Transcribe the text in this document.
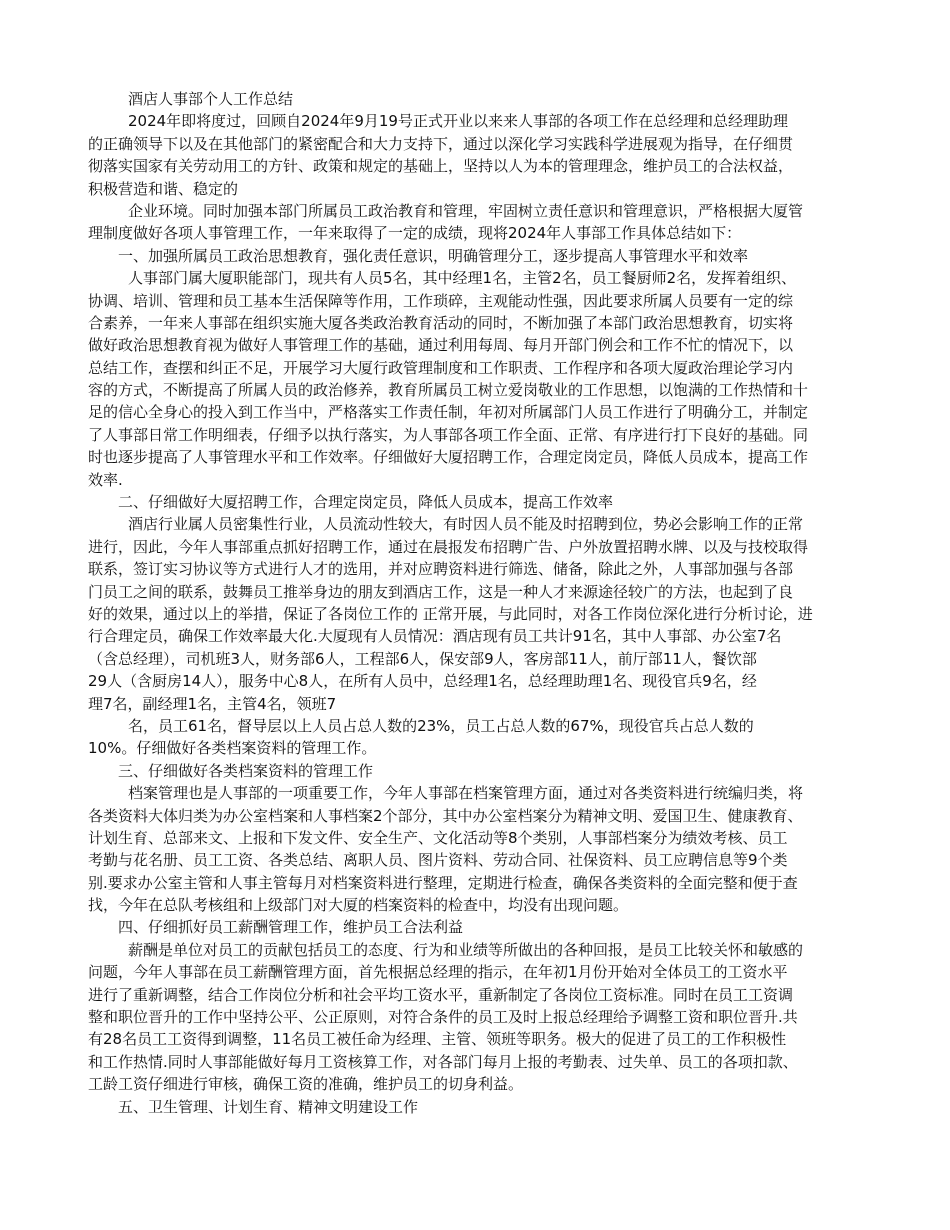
酒店人事部个人工作总结
2024年即将度过，回顾自2024年9月19号正式开业以来来人事部的各项工作在总经理和总经理助理
的正确领导下以及在其他部门的紧密配合和大力支持下，通过以深化学习实践科学进展观为指导，在仔细贯
彻落实国家有关劳动用工的方针、政策和规定的基础上，坚持以人为本的管理理念，维护员工的合法权益，
积极营造和谐、稳定的
企业环境。同时加强本部门所属员工政治教育和管理，牢固树立责任意识和管理意识，严格根据大厦管
理制度做好各项人事管理工作，一年来取得了一定的成绩，现将2024年人事部工作具体总结如下：
一、加强所属员工政治思想教育，强化责任意识，明确管理分工，逐步提高人事管理水平和效率
人事部门属大厦职能部门，现共有人员5名，其中经理1名，主管2名，员工餐厨师2名，发挥着组织、
协调、培训、管理和员工基本生活保障等作用，工作琐碎，主观能动性强，因此要求所属人员要有一定的综
合素养，一年来人事部在组织实施大厦各类政治教育活动的同时，不断加强了本部门政治思想教育，切实将
做好政治思想教育视为做好人事管理工作的基础，通过利用每周、每月开部门例会和工作不忙的情况下，以
总结工作，查摆和纠正不足，开展学习大厦行政管理制度和工作职责、工作程序和各项大厦政治理论学习内
容的方式，不断提高了所属人员的政治修养，教育所属员工树立爱岗敬业的工作思想，以饱满的工作热情和十
足的信心全身心的投入到工作当中，严格落实工作责任制，年初对所属部门人员工作进行了明确分工，并制定
了人事部日常工作明细表，仔细予以执行落实，为人事部各项工作全面、正常、有序进行打下良好的基础。同
时也逐步提高了人事管理水平和工作效率。仔细做好大厦招聘工作，合理定岗定员，降低人员成本，提高工作
效率.
二、仔细做好大厦招聘工作，合理定岗定员，降低人员成本，提高工作效率
酒店行业属人员密集性行业，人员流动性较大，有时因人员不能及时招聘到位，势必会影响工作的正常
进行，因此，今年人事部重点抓好招聘工作，通过在晨报发布招聘广告、户外放置招聘水牌、以及与技校取得
联系，签订实习协议等方式进行人才的选用，并对应聘资料进行筛选、储备，除此之外，人事部加强与各部
门员工之间的联系，鼓舞员工推举身边的朋友到酒店工作，这是一种人才来源途径较广的方法，也起到了良
好的效果，通过以上的举措，保证了各岗位工作的 正常开展，与此同时，对各工作岗位深化进行分析讨论，进
行合理定员，确保工作效率最大化.大厦现有人员情况：酒店现有员工共计91名，其中人事部、办公室7名
（含总经理），司机班3人，财务部6人，工程部6人，保安部9人，客房部11人，前厅部11人，餐饮部
29人（含厨房14人），服务中心8人，在所有人员中，总经理1名，总经理助理1名、现役官兵9名，经
理7名，副经理1名，主管4名，领班7
名，员工61名，督导层以上人员占总人数的23%，员工占总人数的67%，现役官兵占总人数的
10%。仔细做好各类档案资料的管理工作。
三、仔细做好各类档案资料的管理工作
档案管理也是人事部的一项重要工作，今年人事部在档案管理方面，通过对各类资料进行统编归类，将
各类资料大体归类为办公室档案和人事档案2个部分，其中办公室档案分为精神文明、爱国卫生、健康教育、
计划生育、总部来文、上报和下发文件、安全生产、文化活动等8个类别，人事部档案分为绩效考核、员工
考勤与花名册、员工工资、各类总结、离职人员、图片资料、劳动合同、社保资料、员工应聘信息等9个类
别.要求办公室主管和人事主管每月对档案资料进行整理，定期进行检查，确保各类资料的全面完整和便于查
找，今年在总队考核组和上级部门对大厦的档案资料的检查中，均没有出现问题。
四、仔细抓好员工薪酬管理工作，维护员工合法利益
薪酬是单位对员工的贡献包括员工的态度、行为和业绩等所做出的各种回报，是员工比较关怀和敏感的
问题，今年人事部在员工薪酬管理方面，首先根据总经理的指示，在年初1月份开始对全体员工的工资水平
进行了重新调整，结合工作岗位分析和社会平均工资水平，重新制定了各岗位工资标准。同时在员工工资调
整和职位晋升的工作中坚持公平、公正原则，对符合条件的员工及时上报总经理给予调整工资和职位晋升.共
有28名员工工资得到调整，11名员工被任命为经理、主管、领班等职务。极大的促进了员工的工作积极性
和工作热情.同时人事部能做好每月工资核算工作，对各部门每月上报的考勤表、过失单、员工的各项扣款、
工龄工资仔细进行审核，确保工资的准确，维护员工的切身利益。
五、卫生管理、计划生育、精神文明建设工作
